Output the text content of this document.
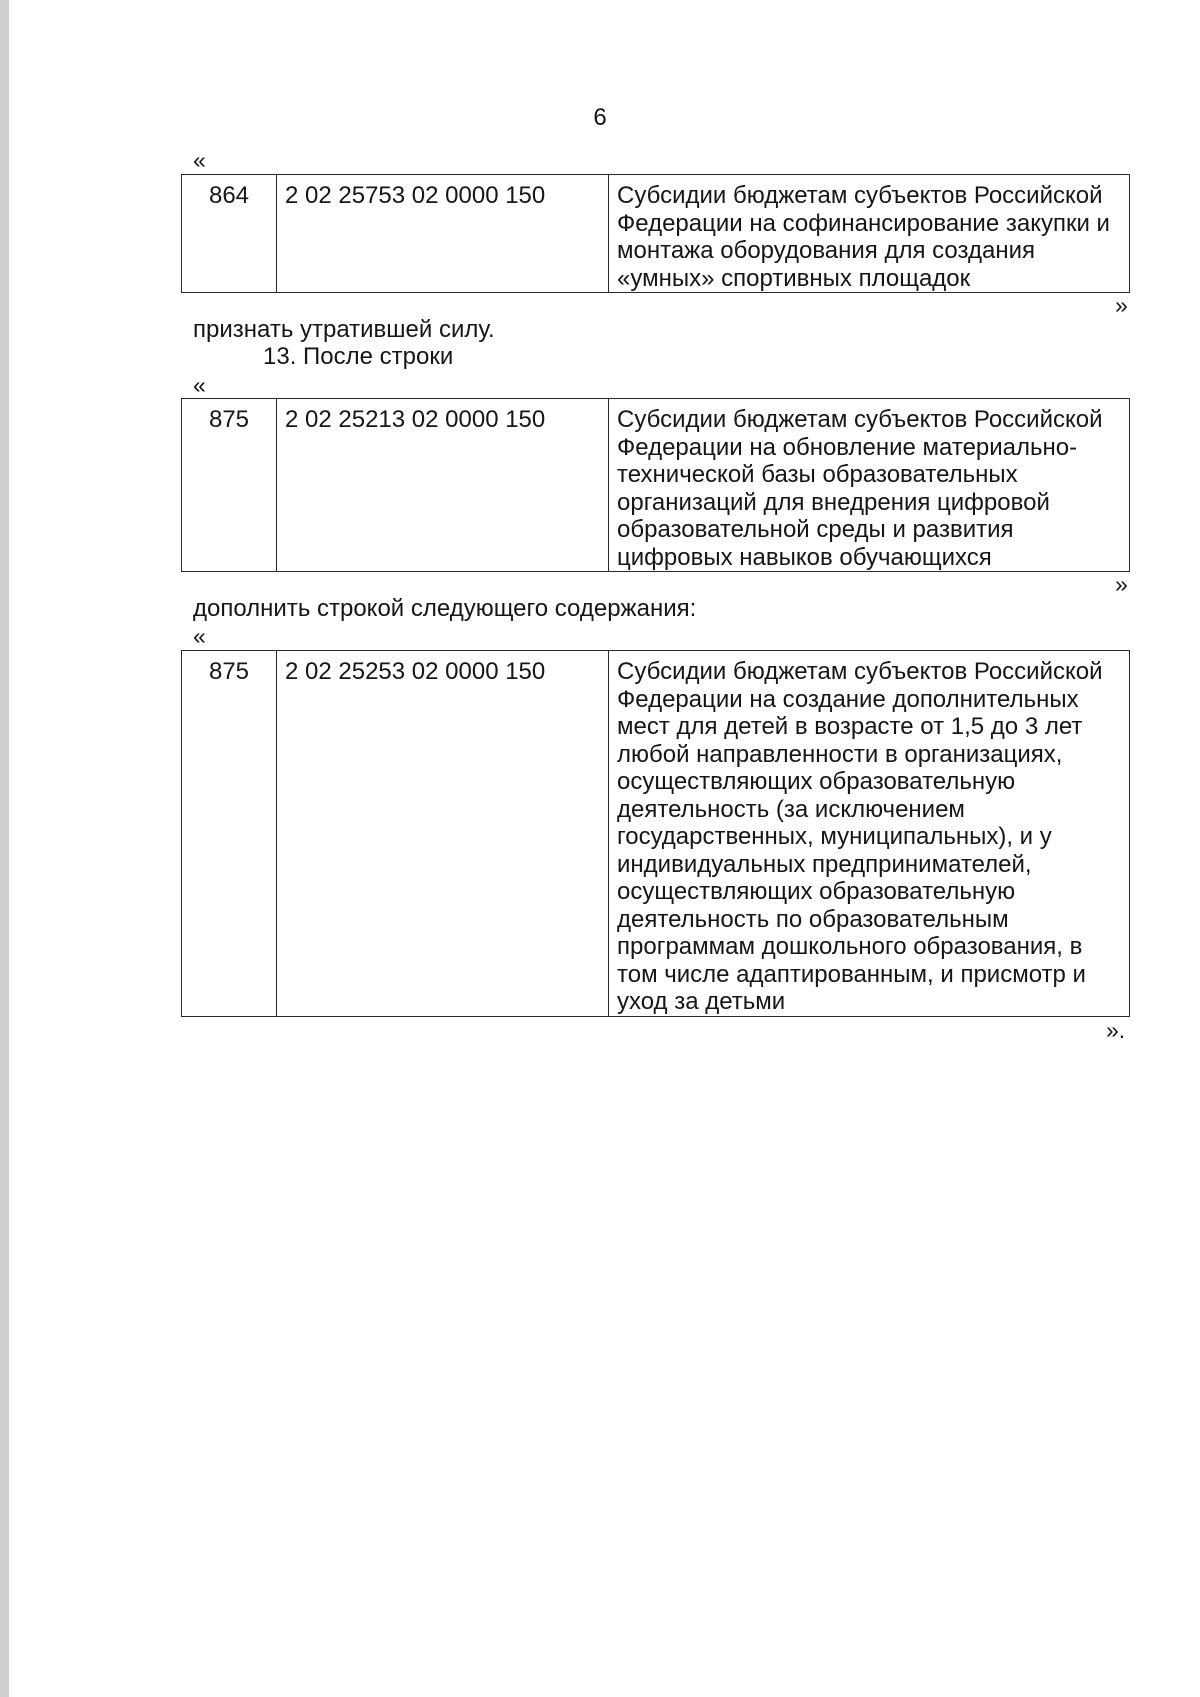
6
«
864	2 02 25753 02 0000 150	Субсидии бюджетам субъектов Российской Федерации на софинансирование закупки и монтажа оборудования для создания «умных» спортивных площадок
»
признать утратившей силу.
13. После строки
«
875	2 02 25213 02 0000 150	Субсидии бюджетам субъектов Российской Федерации на обновление материально-технической базы образовательных организаций для внедрения цифровой образовательной среды и развития цифровых навыков обучающихся
»
дополнить строкой следующего содержания:
«
875	2 02 25253 02 0000 150	Субсидии бюджетам субъектов Российской Федерации на создание дополнительных мест для детей в возрасте от 1,5 до 3 лет любой направленности в организациях, осуществляющих образовательную деятельность (за исключением государственных, муниципальных), и у индивидуальных предпринимателей, осуществляющих образовательную деятельность по образовательным программам дошкольного образования, в том числе адаптированным, и присмотр и уход за детьми
».
